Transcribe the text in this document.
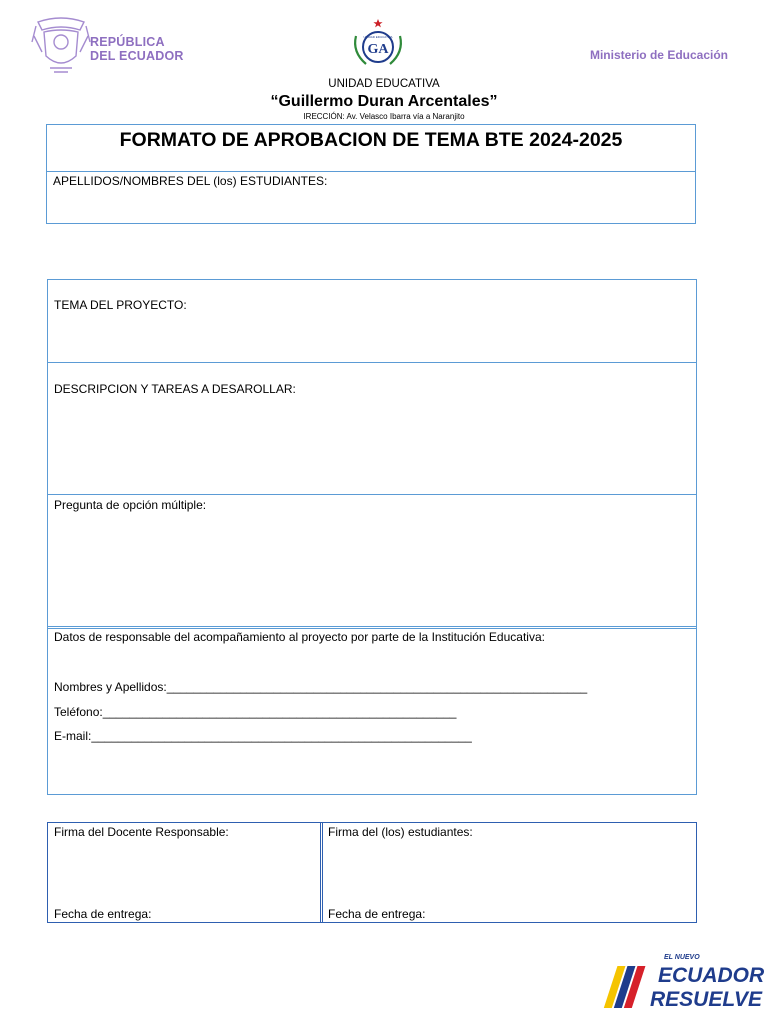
REPÚBLICA
DEL ECUADOR	GA
UNIDAD EDUCATIVA
Ministerio de Educación
UNIDAD EDUCATIVA
“Guillermo Duran Arcentales”
IRECCIÓN: Av. Velasco Ibarra vía a Naranjito
FORMATO DE APROBACION DE TEMA BTE 2024-2025
APELLIDOS/NOMBRES DEL (los) ESTUDIANTES:
TEMA DEL PROYECTO:
DESCRIPCION Y TAREAS A DESAROLLAR:
Pregunta de opción múltiple:
Datos de responsable del acompañamiento al proyecto por parte de la Institución Educativa:
Nombres y Apellidos:_______________________________________________________________
Teléfono:_____________________________________________________
E-mail:_________________________________________________________
Firma del Docente Responsable:	Firma del (los) estudiantes:
Fecha de entrega:	Fecha de entrega:
EL NUEVO
ECUADOR
RESUELVE
